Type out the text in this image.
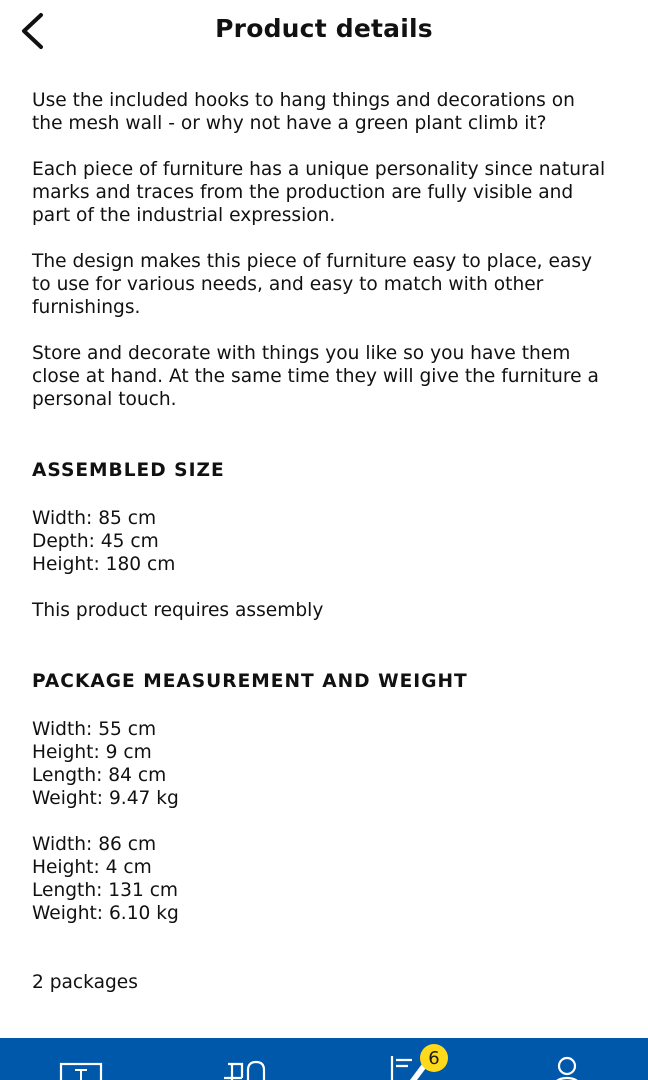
Product details

Use the included hooks to hang things and decorations on
the mesh wall - or why not have a green plant climb it?

Each piece of furniture has a unique personality since natural
marks and traces from the production are fully visible and
part of the industrial expression.

The design makes this piece of furniture easy to place, easy
to use for various needs, and easy to match with other
furnishings.

Store and decorate with things you like so you have them
close at hand. At the same time they will give the furniture a
personal touch.

ASSEMBLED SIZE

Width: 85 cm

Depth: 45 cm

Height: 180 cm

This product requires assembly

PACKAGE MEASUREMENT AND WEIGHT

Width: 55 cm

Height: 9 cm

Length: 84 cm

Weight: 9.47 kg

Width: 86 cm

Height: 4 cm

Length: 131 cm

Weight: 6.10 kg

2 packages

6
